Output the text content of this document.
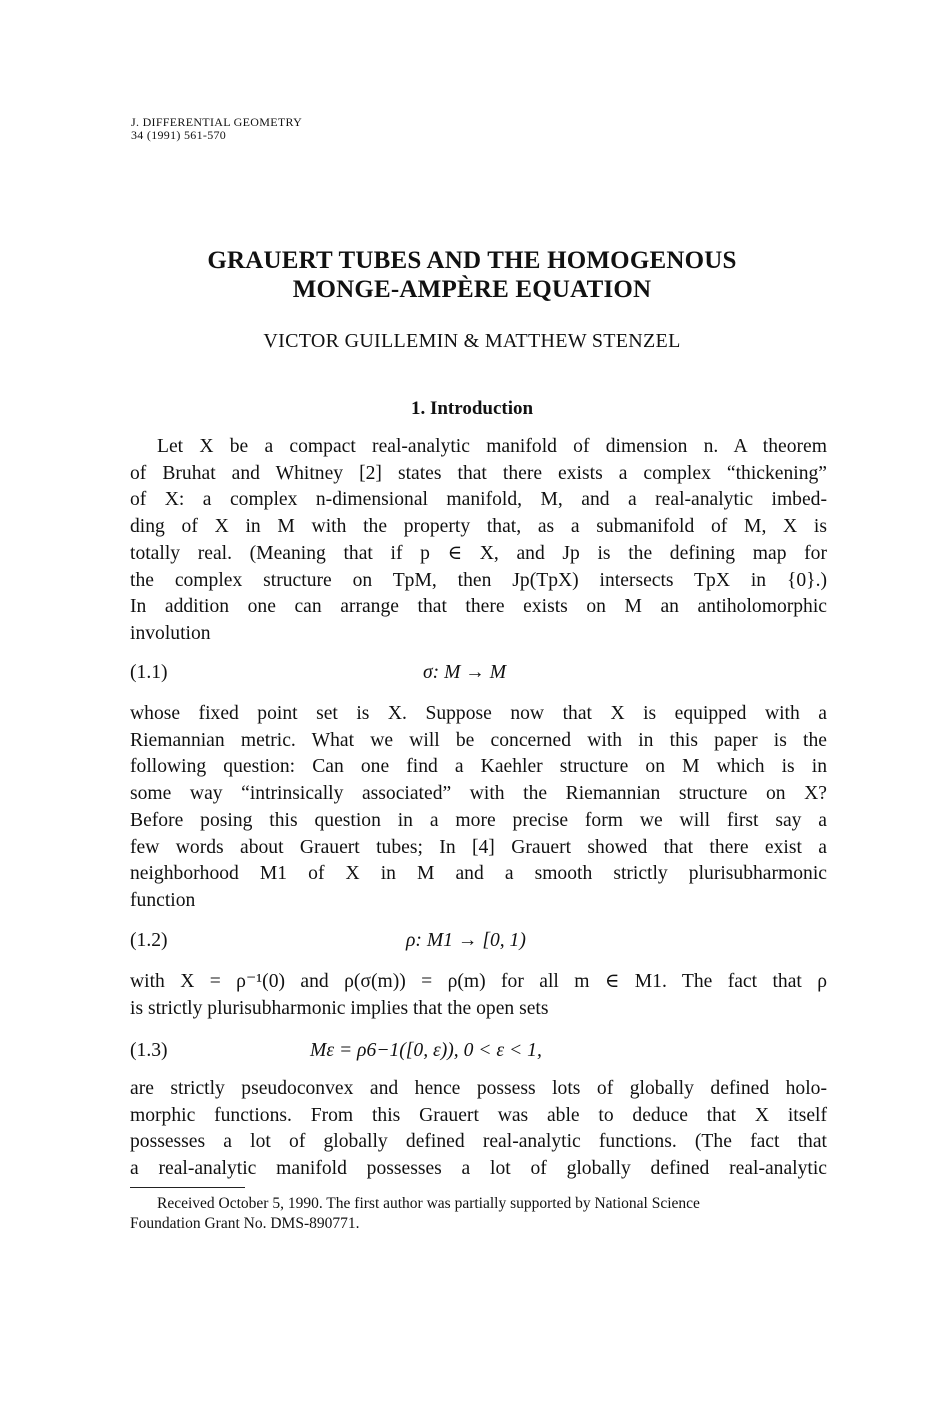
J. DIFFERENTIAL GEOMETRY
34 (1991) 561-570
GRAUERT TUBES AND THE HOMOGENOUS
MONGE-AMPÈRE EQUATION
VICTOR GUILLEMIN & MATTHEW STENZEL
1. Introduction

Let X be a compact real-analytic manifold of dimension n. A theorem

of Bruhat and Whitney [2] states that there exists a complex “thickening”

of X: a complex n-dimensional manifold, M, and a real-analytic imbed-

ding of X in M with the property that, as a submanifold of M, X is

totally real. (Meaning that if p ∈ X, and Jp is the defining map for

the complex structure on TpM, then Jp(TpX) intersects TpX in {0}.)

In addition one can arrange that there exists on M an antiholomorphic

involution

(1.1)	σ: M → M

whose fixed point set is X. Suppose now that X is equipped with a

Riemannian metric. What we will be concerned with in this paper is the

following question: Can one find a Kaehler structure on M which is in

some way “intrinsically associated” with the Riemannian structure on X?

Before posing this question in a more precise form we will first say a

few words about Grauert tubes; In [4] Grauert showed that there exist a

neighborhood M1 of X in M and a smooth strictly plurisubharmonic

function

(1.2)	ρ: M1 → [0, 1)

with X = ρ⁻¹(0) and ρ(σ(m)) = ρ(m) for all m ∈ M1. The fact that ρ

is strictly plurisubharmonic implies that the open sets

(1.3)	Mε = ρ6−1([0, ε)), 0 < ε < 1,

are strictly pseudoconvex and hence possess lots of globally defined holo-

morphic functions. From this Grauert was able to deduce that X itself

possesses a lot of globally defined real-analytic functions. (The fact that

a real-analytic manifold possesses a lot of globally defined real-analytic

Received October 5, 1990. The first author was partially supported by National Science

Foundation Grant No. DMS-890771.
